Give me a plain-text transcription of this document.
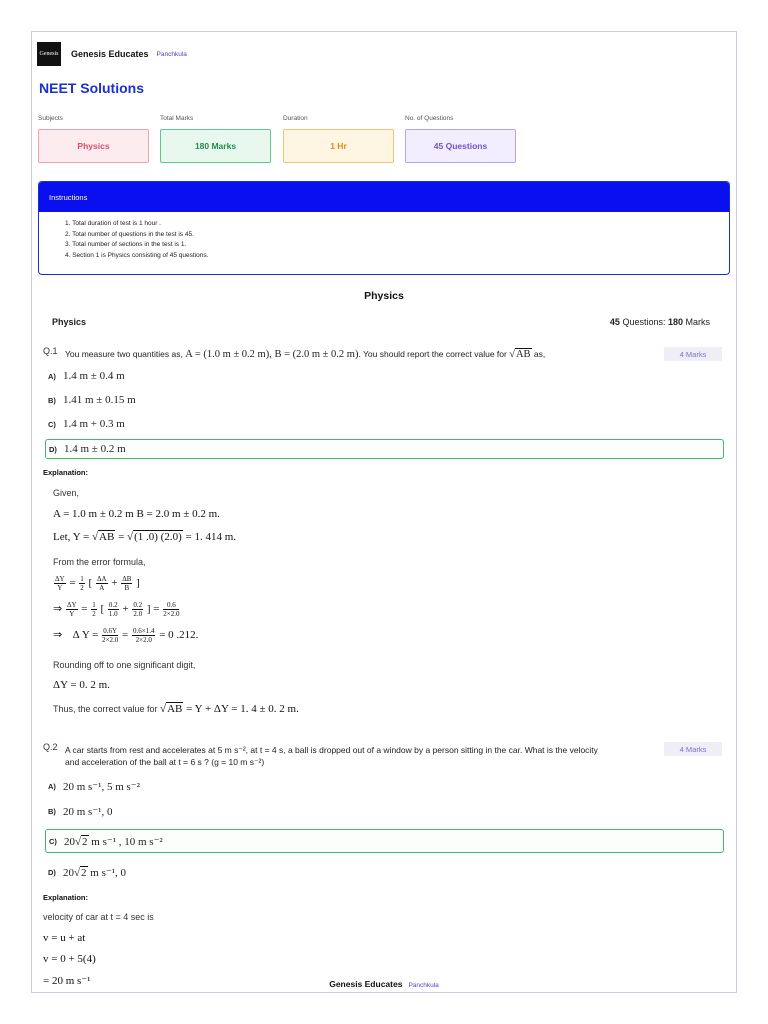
Genesis Genesis Educates Panchkula
NEET Solutions
Subjects	Total Marks	Duration	No. of Questions
Physics	180 Marks	1 Hr	45 Questions
Instructions
1. Total duration of test is 1 hour .
2. Total number of questions in the test is 45.
3. Total number of sections in the test is 1.
4. Section 1 is Physics consisting of 45 questions.
Physics
Physics	45 Questions: 180 Marks
Q.1 You measure two quantities as, A = (1.0 m ± 0.2 m), B = (2.0 m ± 0.2 m). You should report the correct value for √AB as,	4 Marks
A) 1.4 m ± 0.4 m
B) 1.41 m ± 0.15 m
C) 1.4 m + 0.3 m
D) 1.4 m ± 0.2 m
Explanation:
Given,
A = 1.0 m ± 0.2 m B = 2.0 m ± 0.2 m.
Let, Y = √AB = √(1 .0) (2.0) = 1. 414 m.
From the error formula,
$\frac{\Delta Y}{Y} = \frac{1}{2}$ [ $\frac{\Delta A}{A} + \frac{\Delta B}{B}$ ]
⇒ $\frac{\Delta Y}{Y} = \frac{1}{2}$ [ $\frac{0.2}{1.0} + \frac{0.2}{2.0}$ ] = $\frac{0.6}{2\times 2.0}$
⇒    Δ $Y = \frac{0.6Y}{2\times 2.0} = \frac{0.6\times 1.4}{2\times 2.0} = 0$ .212.
Rounding off to one significant digit,
ΔY = 0. 2 m.
Thus, the correct value for √AB = Y + ΔY = 1. 4 ± 0. 2 m.
Q.2 A car starts from rest and accelerates at 5 m s⁻², at t = 4 s, a ball is dropped out of a window by a person sitting in the car. What is the velocity
and acceleration of the ball at t = 6 s ? (g = 10 m s⁻²)
4 Marks
A) 20 m s⁻¹, 5 m s⁻²
B) 20 m s⁻¹, 0
C) 20√2 m s⁻¹ , 10 m s⁻²
D) 20√2 m s⁻¹, 0
Explanation:
velocity of car at t = 4 sec is
v = u + at
v = 0 + 5(4)
= 20 m s⁻¹	Genesis Educates Panchkula
